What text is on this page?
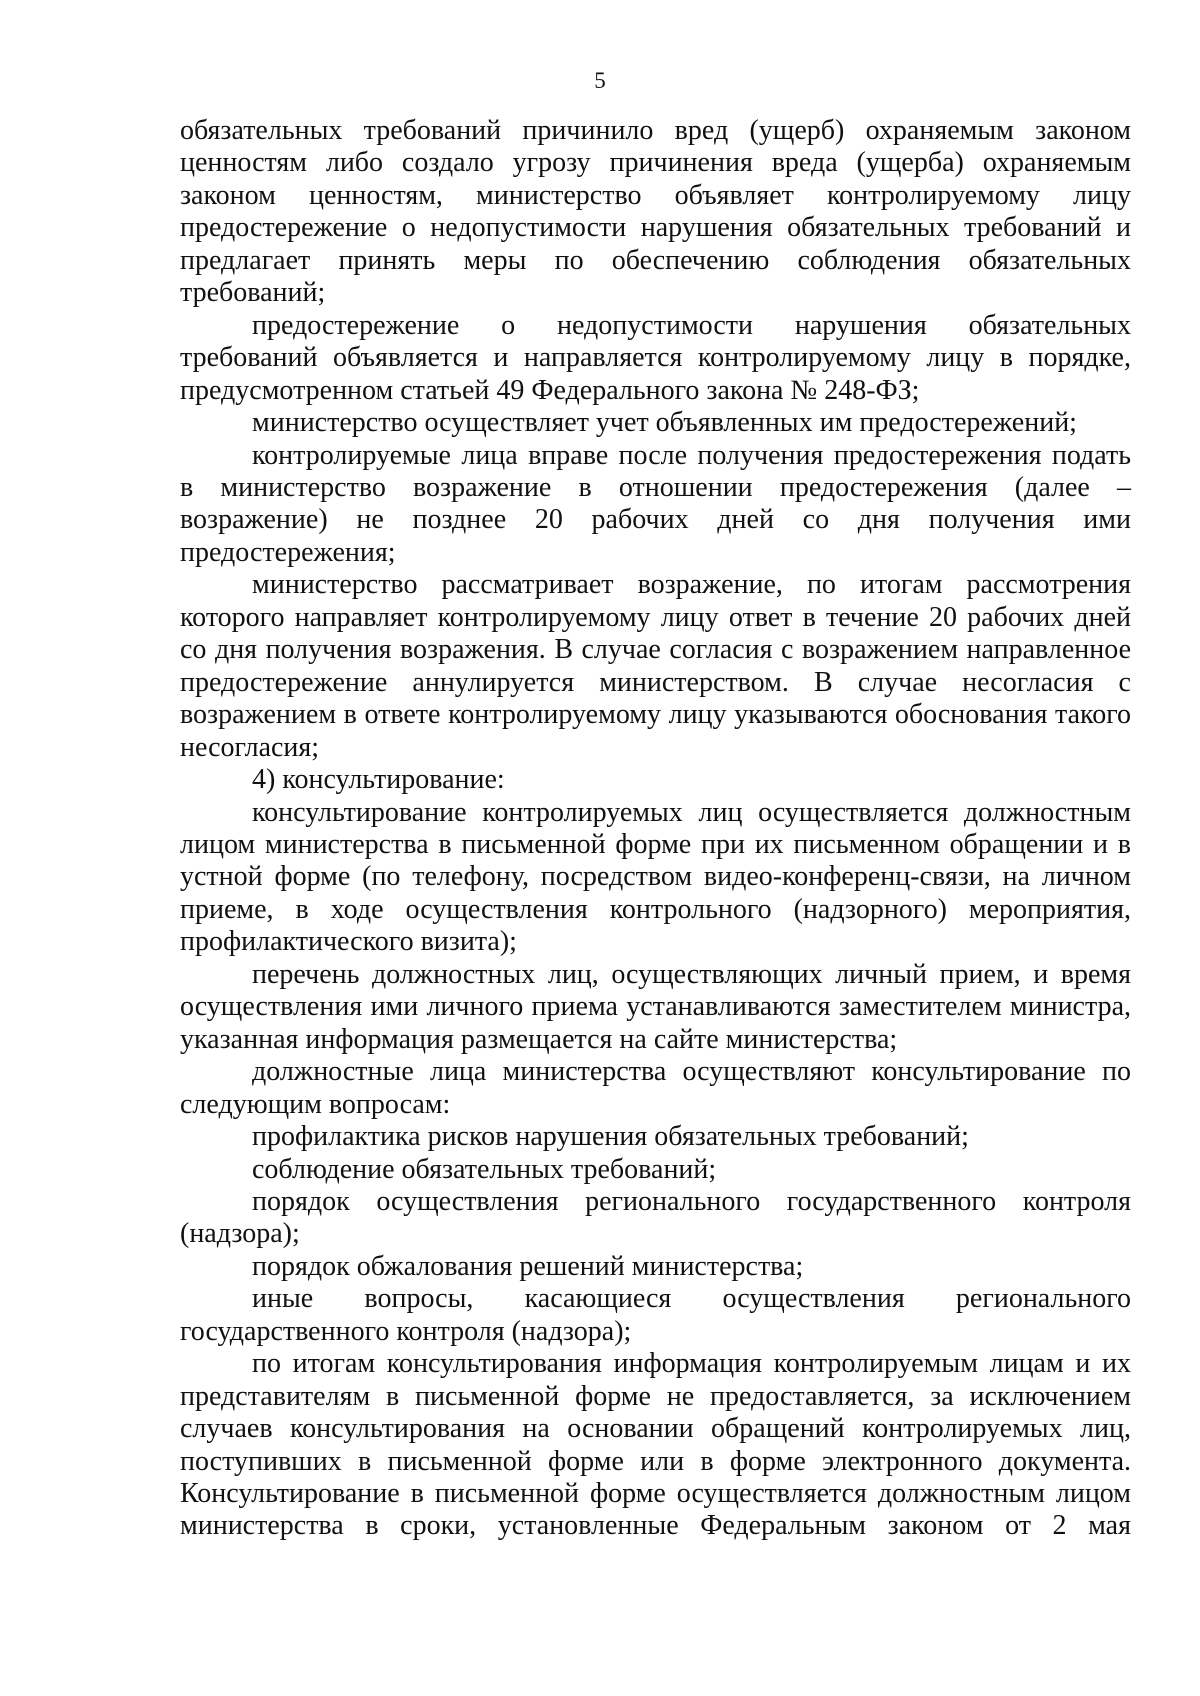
5

обязательных требований причинило вред (ущерб) охраняемым законом ценностям либо создало угрозу причинения вреда (ущерба) охраняемым законом ценностям, министерство объявляет контролируемому лицу предостережение о недопустимости нарушения обязательных требований и предлагает принять меры по обеспечению соблюдения обязательных требований;

предостережение о недопустимости нарушения обязательных требований объявляется и направляется контролируемому лицу в порядке, предусмотренном статьей 49 Федерального закона № 248-ФЗ;

министерство осуществляет учет объявленных им предостережений;

контролируемые лица вправе после получения предостережения подать в министерство возражение в отношении предостережения (далее – возражение) не позднее 20 рабочих дней со дня получения ими предостережения;

министерство рассматривает возражение, по итогам рассмотрения которого направляет контролируемому лицу ответ в течение 20 рабочих дней со дня получения возражения. В случае согласия с возражением направленное предостережение аннулируется министерством. В случае несогласия с возражением в ответе контролируемому лицу указываются обоснования такого несогласия;

4) консультирование:

консультирование контролируемых лиц осуществляется должностным лицом министерства в письменной форме при их письменном обращении и в устной форме (по телефону, посредством видео-конференц-связи, на личном приеме, в ходе осуществления контрольного (надзорного) мероприятия, профилактического визита);

перечень должностных лиц, осуществляющих личный прием, и время осуществления ими личного приема устанавливаются заместителем министра, указанная информация размещается на сайте министерства;

должностные лица министерства осуществляют консультирование по следующим вопросам:

профилактика рисков нарушения обязательных требований;

соблюдение обязательных требований;

порядок осуществления регионального государственного контроля (надзора);

порядок обжалования решений министерства;

иные вопросы, касающиеся осуществления регионального государственного контроля (надзора);

по итогам консультирования информация контролируемым лицам и их представителям в письменной форме не предоставляется, за исключением случаев консультирования на основании обращений контролируемых лиц, поступивших в письменной форме или в форме электронного документа. Консультирование в письменной форме осуществляется должностным лицом министерства в сроки, установленные Федеральным законом от 2 мая
